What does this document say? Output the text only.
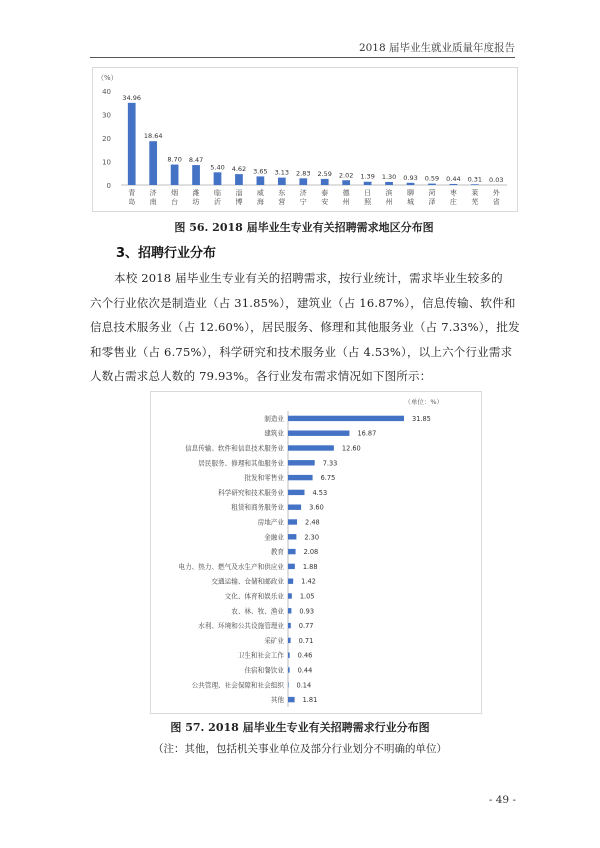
2018 届毕业生就业质量年度报告
（%）
0
10
20
30
40
34.96
青
岛
18.64
济
南
8.70
烟
台
8.47
潍
坊
5.40
临
沂
4.62
淄
博
3.65
威
海
3.13
东
营
2.83
济
宁
2.59
泰
安
2.02
德
州
1.39
日
照
1.30
滨
州
0.93
聊
城
0.59
菏
泽
0.44
枣
庄
0.31
莱
芜
0.03
外
省
图 56. 2018 届毕业生专业有关招聘需求地区分布图
3、招聘行业分布
本校 2018 届毕业生专业有关的招聘需求，按行业统计，需求毕业生较多的
六个行业依次是制造业（占 31.85%），建筑业（占 16.87%），信息传输、软件和
信息技术服务业（占 12.60%），居民服务、修理和其他服务业（占 7.33%），批发
和零售业（占 6.75%），科学研究和技术服务业（占 4.53%），以上六个行业需求
人数占需求总人数的 79.93%。各行业发布需求情况如下图所示：
（单位：%）
制造业	31.85
建筑业	16.87
信息传输、软件和信息技术服务业	12.60
居民服务、修理和其他服务业	7.33
批发和零售业	6.75
科学研究和技术服务业	4.53
租赁和商务服务业	3.60
房地产业	2.48
金融业	2.30
教育	2.08
电力、热力、燃气及水生产和供应业	1.88
交通运输、仓储和邮政业	1.42
文化、体育和娱乐业 1.05
农、林、牧、渔业 0.93
水利、环境和公共设施管理业 0.77
采矿业 0.71
卫生和社会工作 0.46
住宿和餐饮业 0.44
公共管理、社会保障和社会组织 0.14
其他	1.81
图 57. 2018 届毕业生专业有关招聘需求行业分布图
（注：其他，包括机关事业单位及部分行业划分不明确的单位）
- 49 -
